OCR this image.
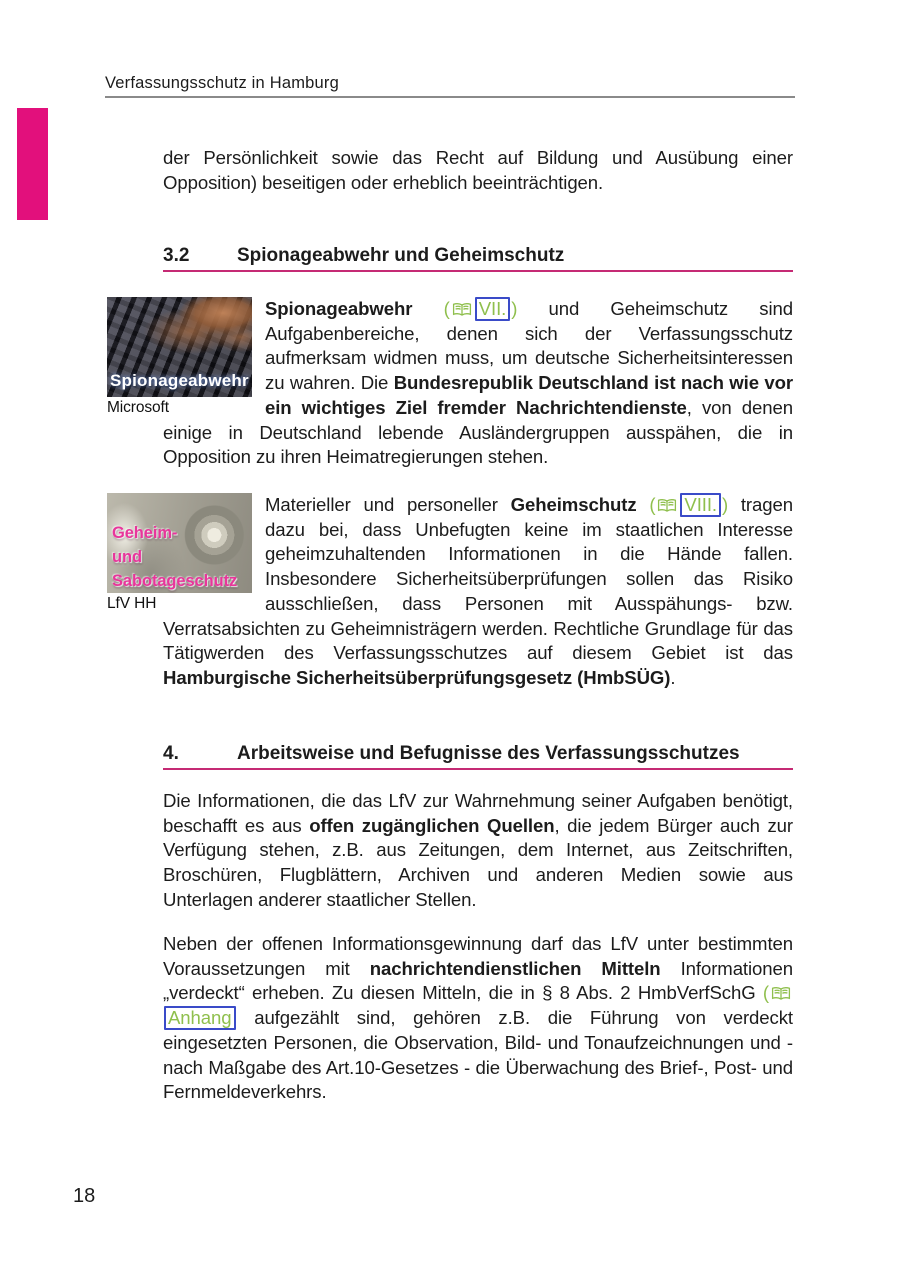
Verfassungsschutz in Hamburg
der Persönlichkeit sowie das Recht auf Bildung und Ausübung einer Opposition) beseitigen oder erheblich beeinträchtigen.
3.2	Spionageabwehr und Geheimschutz
Spionageabwehr
Microsoft
Spionageabwehr ( VII. ) und Geheimschutz sind Aufgabenbereiche, denen sich der Verfassungsschutz aufmerksam widmen muss, um deutsche Sicherheitsinteressen zu wahren. Die Bundesrepublik Deutschland ist nach wie vor ein wichtiges Ziel fremder Nachrichtendienste, von denen einige in Deutschland lebende Ausländergruppen ausspähen, die in Opposition zu ihren Heimatregierungen stehen.
Geheim-
und
Sabotageschutz
LfV HH
Materieller und personeller Geheimschutz ( VIII. ) tragen dazu bei, dass Unbefugten keine im staatlichen Interesse geheimzuhaltenden Informationen in die Hände fallen. Insbesondere Sicherheitsüberprüfungen sollen das Risiko ausschließen, dass Personen mit Ausspähungs- bzw. Verratsabsichten zu Geheimnisträgern werden. Rechtliche Grundlage für das Tätigwerden des Verfassungsschutzes auf diesem Gebiet ist das Hamburgische Sicherheitsüberprüfungsgesetz (HmbSÜG).
4.	Arbeitsweise und Befugnisse des Verfassungsschutzes
Die Informationen, die das LfV zur Wahrnehmung seiner Aufgaben benötigt, beschafft es aus offen zugänglichen Quellen, die jedem Bürger auch zur Verfügung stehen, z.B. aus Zeitungen, dem Internet, aus Zeitschriften, Broschüren, Flugblättern, Archiven und anderen Medien sowie aus Unterlagen anderer staatlicher Stellen.
Neben der offenen Informationsgewinnung darf das LfV unter bestimmten Voraussetzungen mit nachrichtendienstlichen Mitteln Informationen „verdeckt“ erheben. Zu diesen Mitteln, die in § 8 Abs. 2 HmbVerfSchG (Anhang aufgezählt sind, gehören z.B. die Führung von verdeckt eingesetzten Personen, die Observation, Bild- und Tonaufzeichnungen und - nach Maßgabe des Art.10-Gesetzes - die Überwachung des Brief-, Post- und Fernmeldeverkehrs.
18
